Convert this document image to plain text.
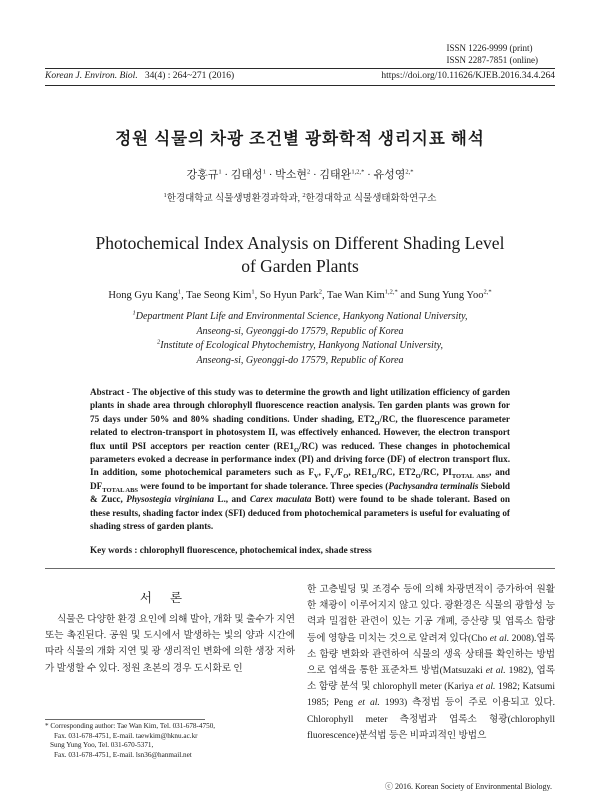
ISSN 1226-9999 (print)
ISSN 2287-7851 (online)
Korean J. Environ. Biol. 34(4) : 264~271 (2016)	https://doi.org/10.11626/KJEB.2016.34.4.264
정원 식물의 차광 조건별 광화학적 생리지표 해석
강홍규$^1$ · 김태성$^1$ · 박소현$^2$ · 김태완$^{1,2,*}$ · 유성영$^{2,*}$
$^1$한경대학교 식물생명환경과학과, $^2$한경대학교 식물생태화학연구소
Photochemical Index Analysis on Different Shading Level
of Garden Plants
Hong Gyu Kang$^1$, Tae Seong Kim$^1$, So Hyun Park$^2$, Tae Wan Kim$^{1,2,*}$ and Sung Yung Yoo$^{2,*}$
$^1$Department Plant Life and Environmental Science, Hankyong National University,
Anseong-si, Gyeonggi-do 17579, Republic of Korea
$^2$Institute of Ecological Phytochemistry, Hankyong National University,
Anseong-si, Gyeonggi-do 17579, Republic of Korea
Abstract - The objective of this study was to determine the growth and light utilization efficiency of garden plants in shade area through chlorophyll fluorescence reaction analysis. Ten garden plants was grown for 75 days under 50% and 80% shading conditions. Under shading, $ET2_O/RC$, the fluorescence parameter related to electron-transport in photosystem II, was effectively enhanced. However, the electron transport flux until PSI acceptors per reaction center $(RE1_O/RC)$ was reduced. These changes in photochemical parameters evoked a decrease in performance index (PI) and driving force (DF) of electron transport flux. In addition, some photochemical parameters such as $F_V$, $F_V/F_O$, $RE1_O/RC$, $ET2_O/RC$, $PI_{TOTAL ABS}$, and $DF_{TOTAL ABS}$ were found to be important for shade tolerance. Three species (Pachysandra terminalis Siebold & Zucc, Physostegia virginiana L., and Carex maculata Bott) were found to be shade tolerant. Based on these results, shading factor index (SFI) deduced from photochemical parameters is useful for evaluating of shading stress of garden plants.
Key words : chlorophyll fluorescence, photochemical index, shade stress
서론
식물은 다양한 환경 요인에 의해 발아, 개화 및 출수가 지연 또는 촉진된다. 공원 및 도시에서 발생하는 빛의 양과 시간에 따라 식물의 개화 지연 및 광 생리적인 변화에 의한 생장 저하가 발생할 수 있다. 정원 초본의 경우 도시화로 인

한 고층빌딩 및 조경수 등에 의해 차광면적이 증가하여 원활한 채광이 이루어지지 않고 있다. 광환경은 식물의 광합성 능력과 밀접한 관련이 있는 기공 개폐, 증산량 및 엽록소 함량 등에 영향을 미치는 것으로 알려져 있다(Cho et al. 2008).엽록소 함량 변화와 관련하여 식물의 생육 상태를 확인하는 방법으로 엽색을 통한 표준차트 방법(Matsuzaki et al. 1982), 엽록소 함량 분석 및 chlorophyll meter (Kariya et al. 1982; Katsumi 1985; Peng et al. 1993) 측정법 등이 주로 이용되고 있다. Chlorophyll meter 측정법과 엽록소 형광(chlorophyll fluorescence)분석법 등은 비파괴적인 방법으

* Corresponding author: Tae Wan Kim, Tel. 031-678-4750,
Fax. 031-678-4751, E-mail. taewkim@hknu.ac.kr
Sung Yung Yoo, Tel. 031-670-5371,
Fax. 031-678-4751, E-mail. lsn36@hanmail.net
ⓒ 2016. Korean Society of Environmental Biology.
